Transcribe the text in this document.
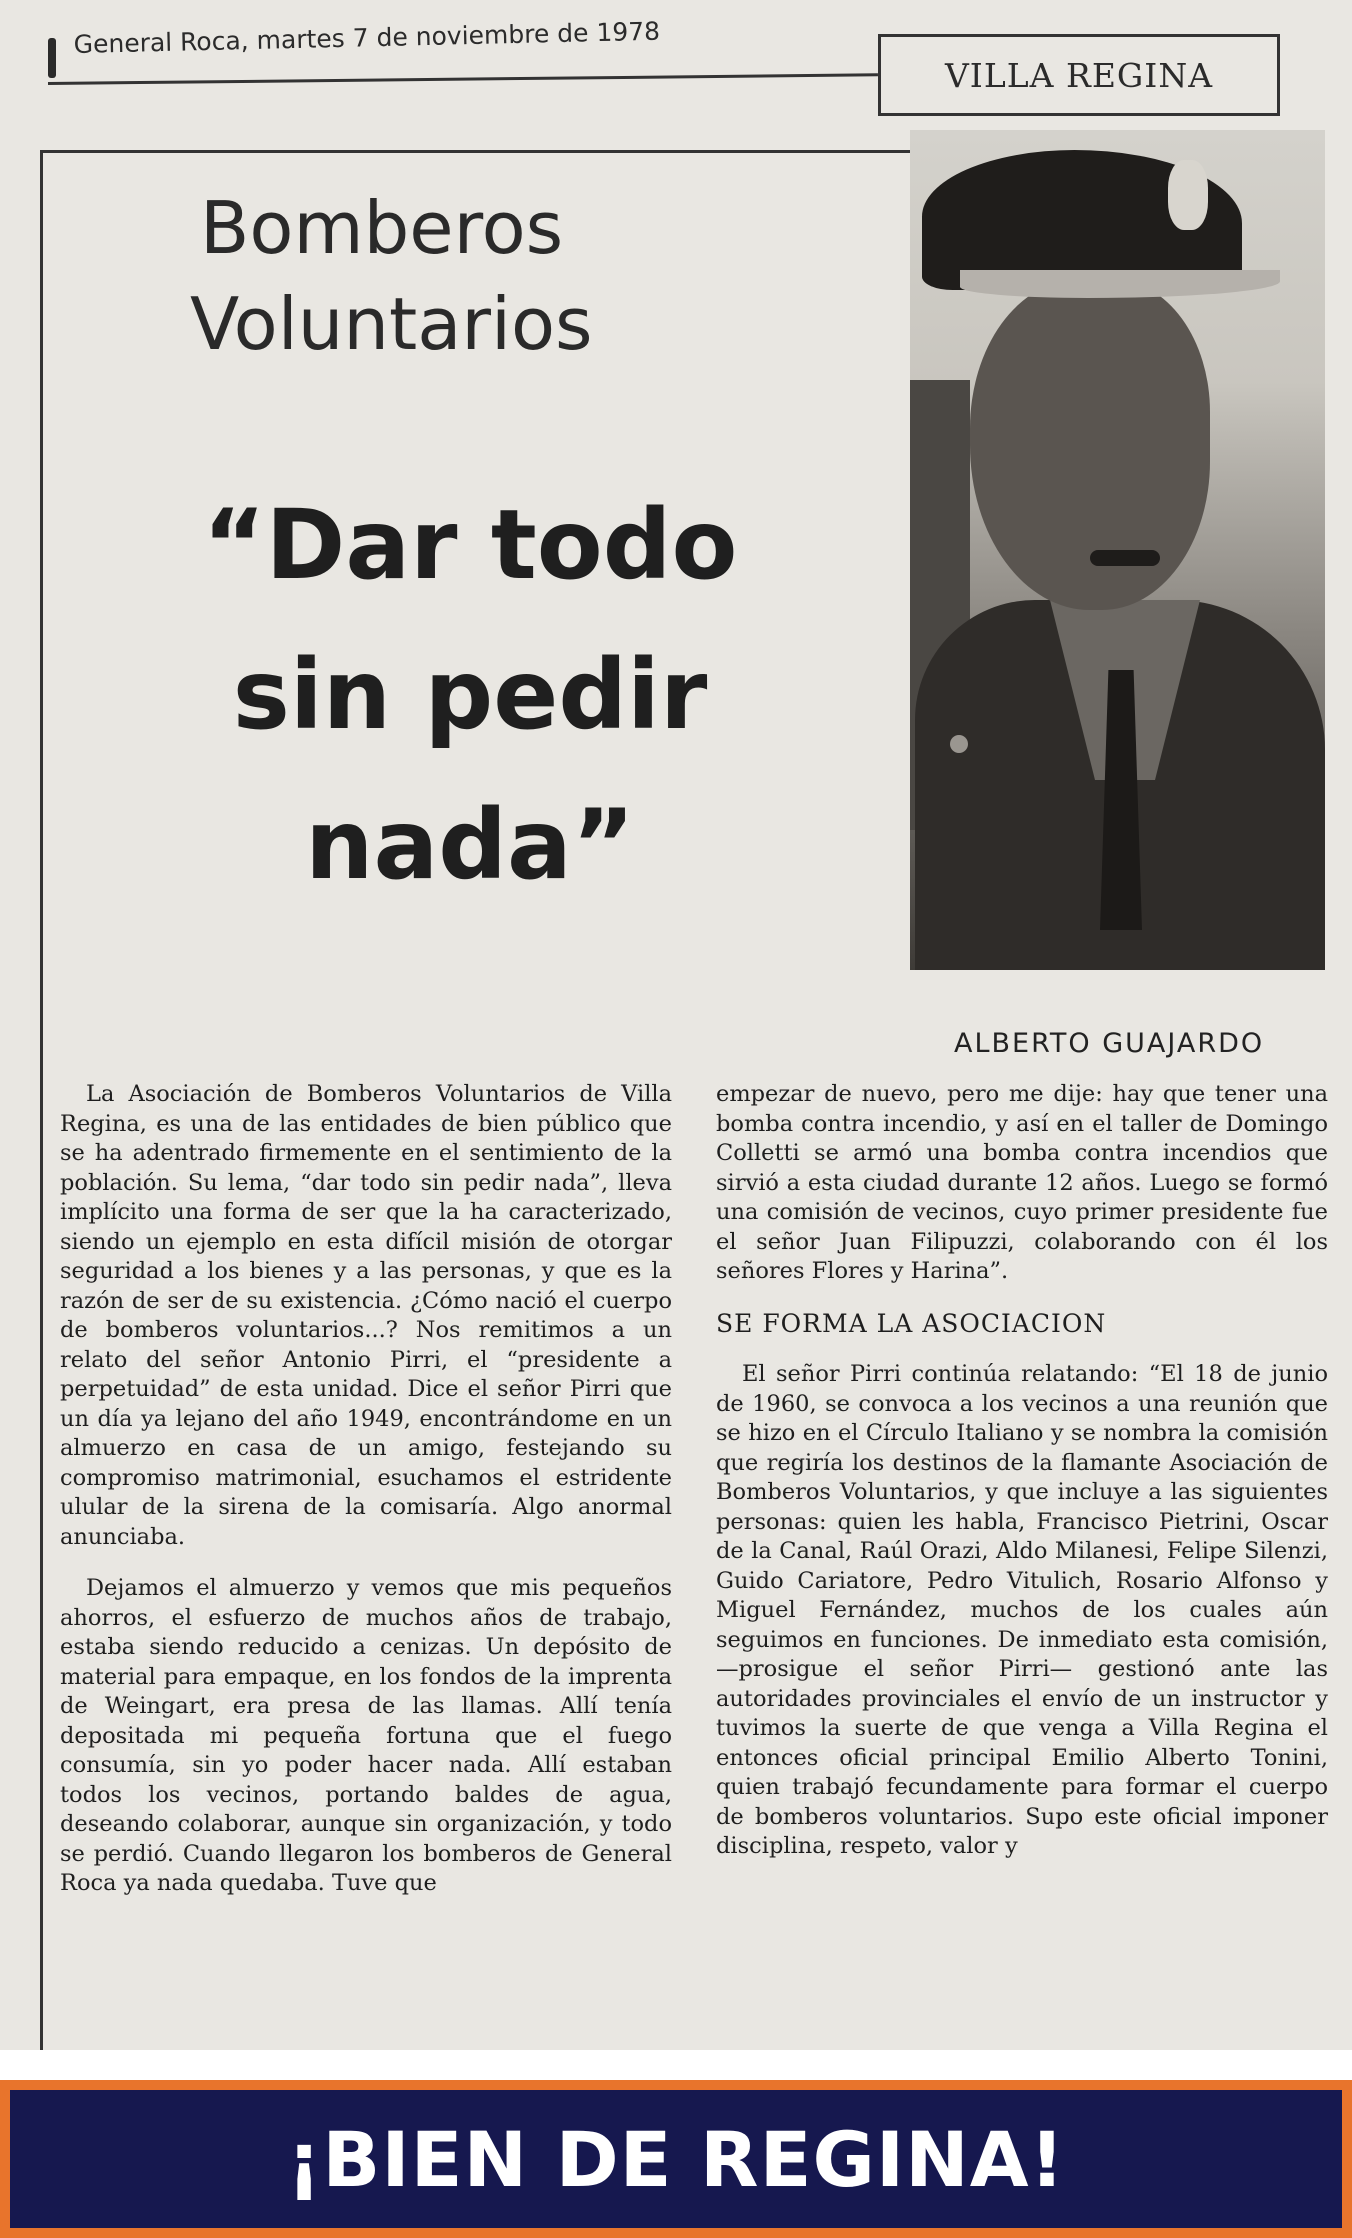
General Roca, martes 7 de noviembre de 1978
VILLA REGINA
Bomberos
Voluntarios
“Dar todo
sin pedir
nada”
ALBERTO GUAJARDO

La Asociación de Bomberos Voluntarios de Villa Regina, es una de las entidades de bien público que se ha adentrado firmemente en el sentimiento de la población. Su lema, “dar todo sin pedir nada”, lleva implícito una forma de ser que la ha caracterizado, siendo un ejemplo en esta difícil misión de otorgar seguridad a los bienes y a las personas, y que es la razón de ser de su existencia. ¿Cómo nació el cuerpo de bomberos voluntarios...? Nos remitimos a un relato del señor Antonio Pirri, el “presidente a perpetuidad” de esta unidad. Dice el señor Pirri que un día ya lejano del año 1949, encontrándome en un almuerzo en casa de un amigo, festejando su compromiso matrimonial, esuchamos el estridente ulular de la sirena de la comisaría. Algo anormal anunciaba.

Dejamos el almuerzo y vemos que mis pequeños ahorros, el esfuerzo de muchos años de trabajo, estaba siendo reducido a cenizas. Un depósito de material para empaque, en los fondos de la imprenta de Weingart, era presa de las llamas. Allí tenía depositada mi pequeña fortuna que el fuego consumía, sin yo poder hacer nada. Allí estaban todos los vecinos, portando baldes de agua, deseando colaborar, aunque sin organización, y todo se perdió. Cuando llegaron los bomberos de General Roca ya nada quedaba. Tuve que

empezar de nuevo, pero me dije: hay que tener una bomba contra incendio, y así en el taller de Domingo Colletti se armó una bomba contra incendios que sirvió a esta ciudad durante 12 años. Luego se formó una comisión de vecinos, cuyo primer presidente fue el señor Juan Filipuzzi, colaborando con él los señores Flores y Harina”.

SE FORMA LA ASOCIACION

El señor Pirri continúa relatando: “El 18 de junio de 1960, se convoca a los vecinos a una reunión que se hizo en el Círculo Italiano y se nombra la comisión que regiría los destinos de la flamante Asociación de Bomberos Voluntarios, y que incluye a las siguientes personas: quien les habla, Francisco Pietrini, Oscar de la Canal, Raúl Orazi, Aldo Milanesi, Felipe Silenzi, Guido Cariatore, Pedro Vitulich, Rosario Alfonso y Miguel Fernández, muchos de los cuales aún seguimos en funciones. De inmediato esta comisión, —prosigue el señor Pirri— gestionó ante las autoridades provinciales el envío de un instructor y tuvimos la suerte de que venga a Villa Regina el entonces oficial principal Emilio Alberto Tonini, quien trabajó fecundamente para formar el cuerpo de bomberos voluntarios. Supo este oficial imponer disciplina, respeto, valor y

¡BIEN DE REGINA!
